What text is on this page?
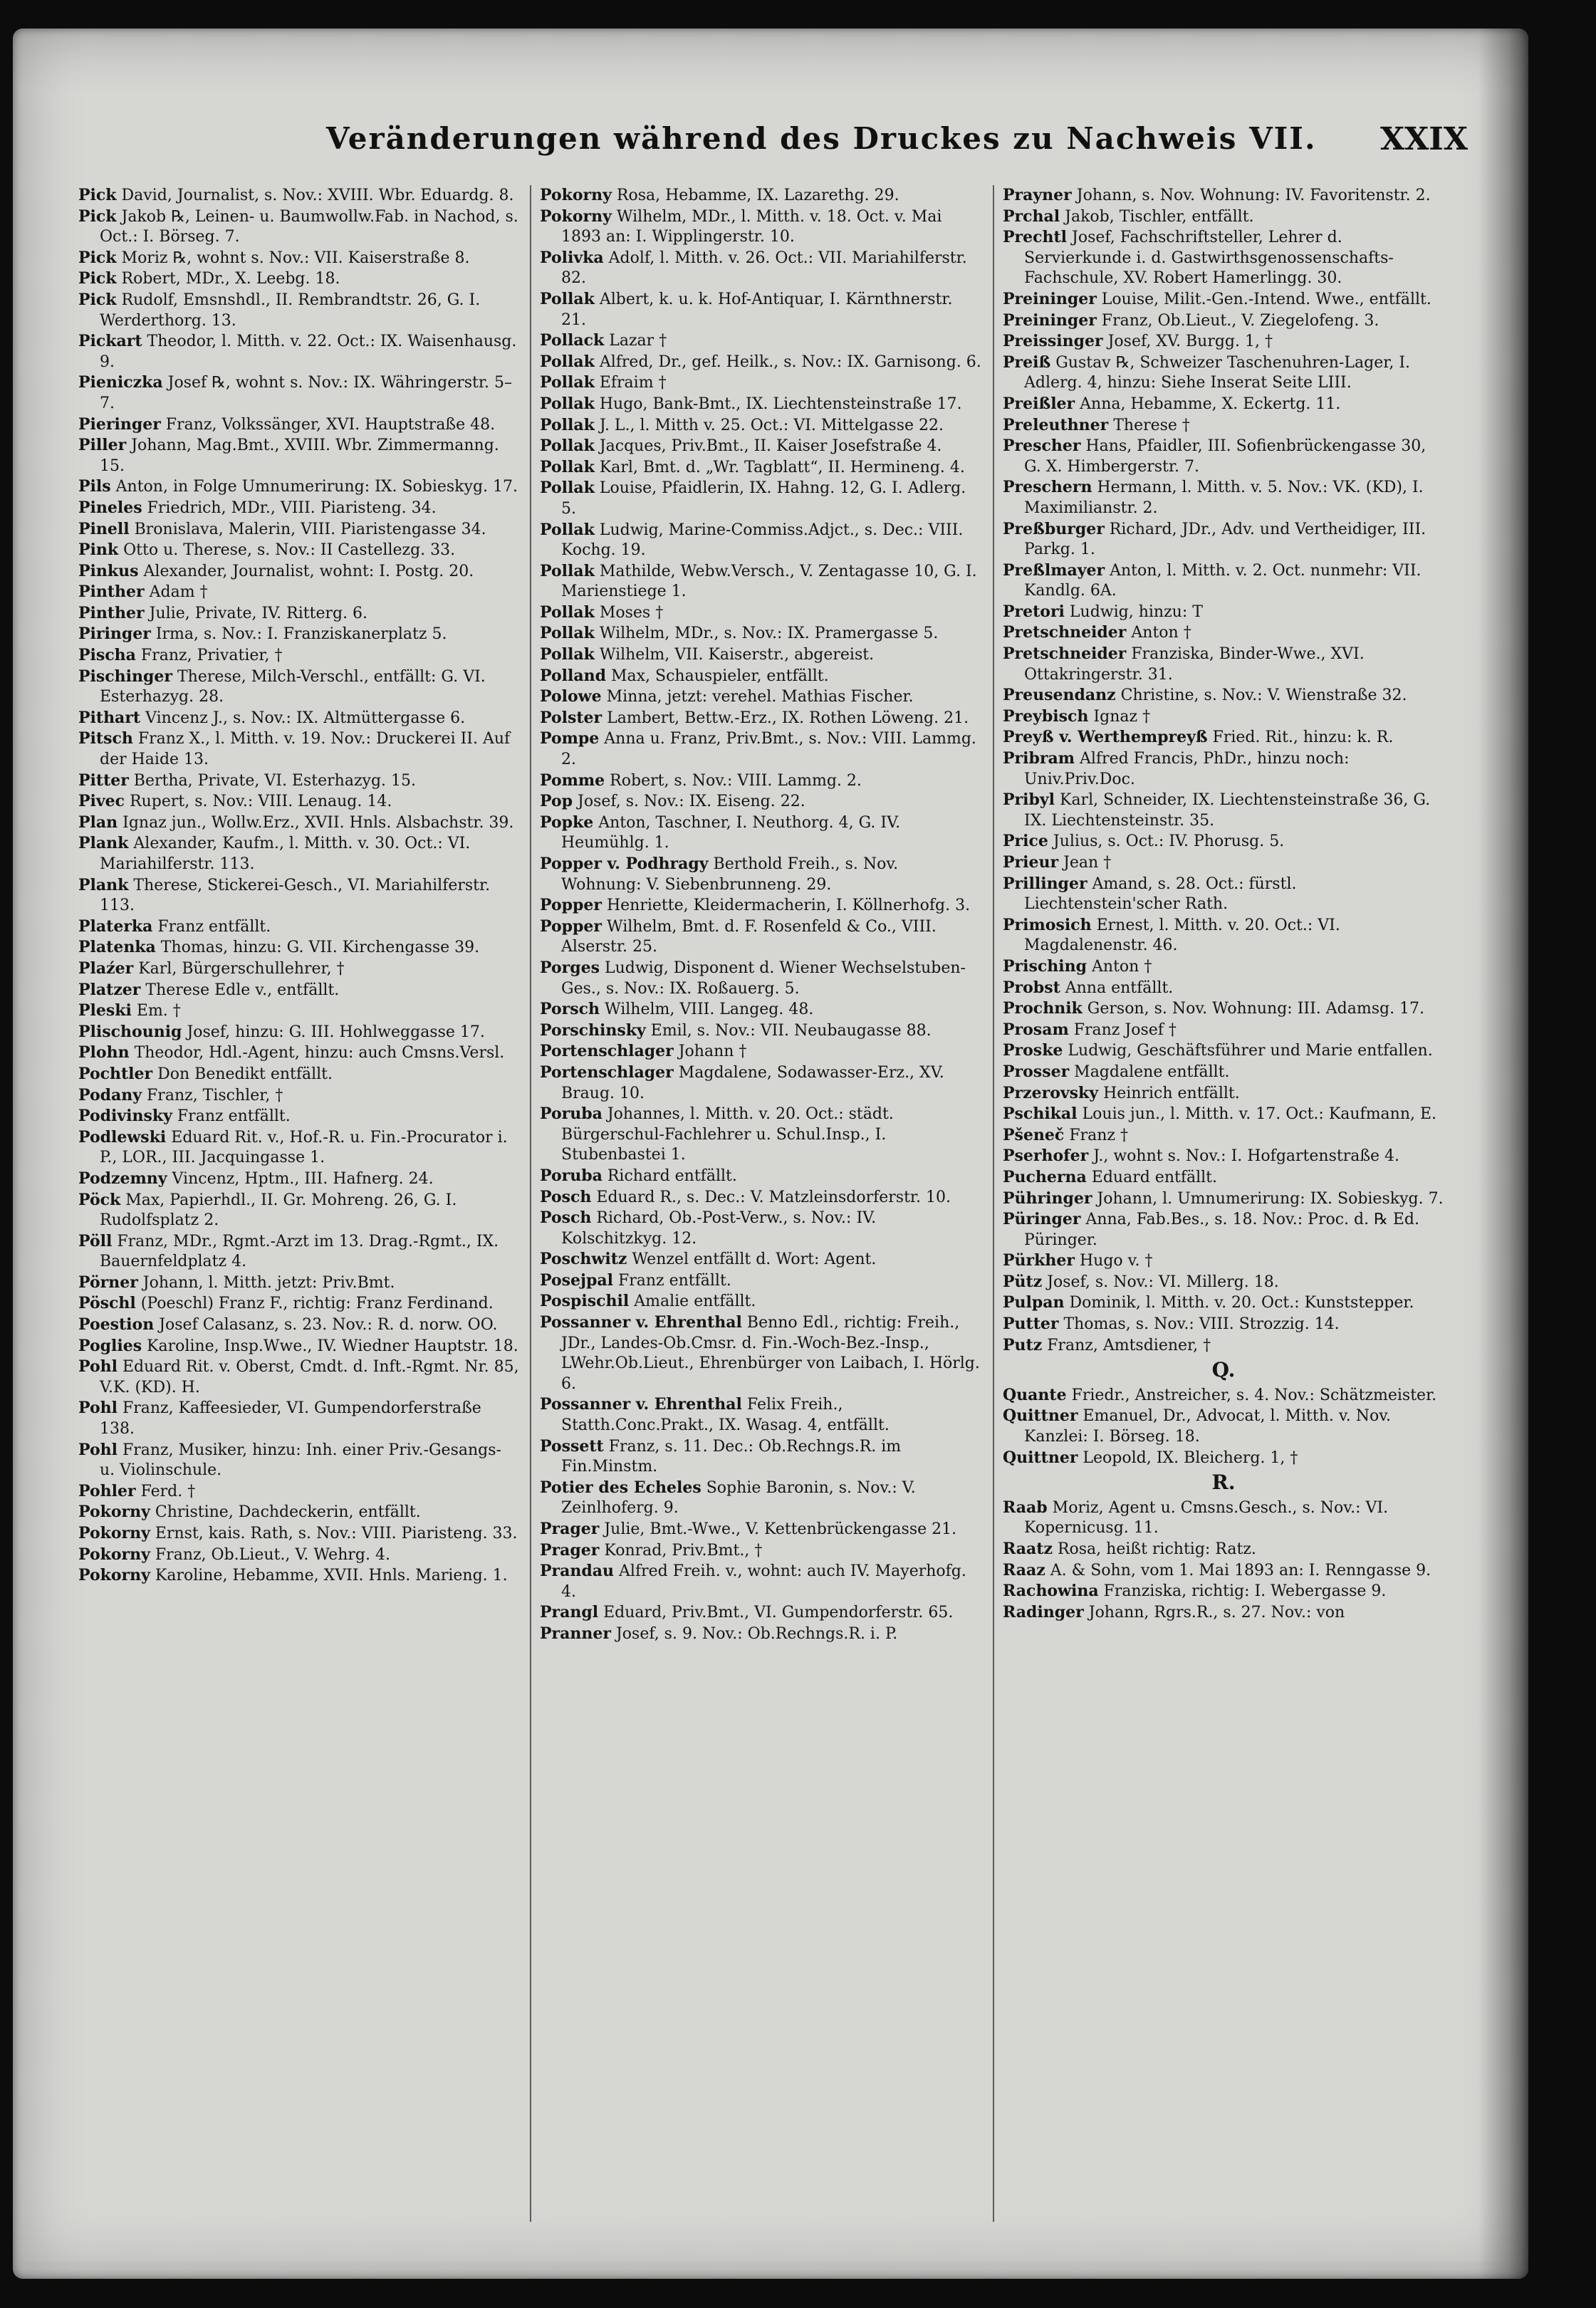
Veränderungen während des Druckes zu Nachweis VII. XXIX

Pick David, Journalist, s. Nov.: XVIII. Wbr. Eduardg. 8.

Pick Jakob ℞, Leinen- u. Baumwollw.Fab. in Nachod, s. Oct.: I. Börseg. 7.

Pick Moriz ℞, wohnt s. Nov.: VII. Kaiserstraße 8.

Pick Robert, MDr., X. Leebg. 18.

Pick Rudolf, Emsnshdl., II. Rembrandtstr. 26, G. I. Werderthorg. 13.

Pickart Theodor, l. Mitth. v. 22. Oct.: IX. Waisenhausg. 9.

Pieniczka Josef ℞, wohnt s. Nov.: IX. Währingerstr. 5–7.

Pieringer Franz, Volkssänger, XVI. Hauptstraße 48.

Piller Johann, Mag.Bmt., XVIII. Wbr. Zimmermanng. 15.

Pils Anton, in Folge Umnumerirung: IX. Sobieskyg. 17.

Pineles Friedrich, MDr., VIII. Piaristeng. 34.

Pinell Bronislava, Malerin, VIII. Piaristengasse 34.

Pink Otto u. Therese, s. Nov.: II Castellezg. 33.

Pinkus Alexander, Journalist, wohnt: I. Postg. 20.

Pinther Adam †

Pinther Julie, Private, IV. Ritterg. 6.

Piringer Irma, s. Nov.: I. Franziskanerplatz 5.

Pischa Franz, Privatier, †

Pischinger Therese, Milch-Verschl., entfällt: G. VI. Esterhazyg. 28.

Pithart Vincenz J., s. Nov.: IX. Altmüttergasse 6.

Pitsch Franz X., l. Mitth. v. 19. Nov.: Druckerei II. Auf der Haide 13.

Pitter Bertha, Private, VI. Esterhazyg. 15.

Pivec Rupert, s. Nov.: VIII. Lenaug. 14.

Plan Ignaz jun., Wollw.Erz., XVII. Hnls. Alsbachstr. 39.

Plank Alexander, Kaufm., l. Mitth. v. 30. Oct.: VI. Mariahilferstr. 113.

Plank Therese, Stickerei-Gesch., VI. Mariahilferstr. 113.

Platerka Franz entfällt.

Platenka Thomas, hinzu: G. VII. Kirchengasse 39.

Plaźer Karl, Bürgerschullehrer, †

Platzer Therese Edle v., entfällt.

Pleski Em. †

Plischounig Josef, hinzu: G. III. Hohlweggasse 17.

Plohn Theodor, Hdl.-Agent, hinzu: auch Cmsns.Versl.

Pochtler Don Benedikt entfällt.

Podany Franz, Tischler, †

Podivinsky Franz entfällt.

Podlewski Eduard Rit. v., Hof.-R. u. Fin.-Procurator i. P., LOR., III. Jacquingasse 1.

Podzemny Vincenz, Hptm., III. Hafnerg. 24.

Pöck Max, Papierhdl., II. Gr. Mohreng. 26, G. I. Rudolfsplatz 2.

Pöll Franz, MDr., Rgmt.-Arzt im 13. Drag.-Rgmt., IX. Bauernfeldplatz 4.

Pörner Johann, l. Mitth. jetzt: Priv.Bmt.

Pöschl (Poeschl) Franz F., richtig: Franz Ferdinand.

Poestion Josef Calasanz, s. 23. Nov.: R. d. norw. OO.

Poglies Karoline, Insp.Wwe., IV. Wiedner Hauptstr. 18.

Pohl Eduard Rit. v. Oberst, Cmdt. d. Inft.-Rgmt. Nr. 85, V.K. (KD). H.

Pohl Franz, Kaffeesieder, VI. Gumpendorferstraße 138.

Pohl Franz, Musiker, hinzu: Inh. einer Priv.-Gesangs- u. Violinschule.

Pohler Ferd. †

Pokorny Christine, Dachdeckerin, entfällt.

Pokorny Ernst, kais. Rath, s. Nov.: VIII. Piaristeng. 33.

Pokorny Franz, Ob.Lieut., V. Wehrg. 4.

Pokorny Karoline, Hebamme, XVII. Hnls. Marieng. 1.

Pokorny Rosa, Hebamme, IX. Lazarethg. 29.

Pokorny Wilhelm, MDr., l. Mitth. v. 18. Oct. v. Mai 1893 an: I. Wipplingerstr. 10.

Polivka Adolf, l. Mitth. v. 26. Oct.: VII. Mariahilferstr. 82.

Pollak Albert, k. u. k. Hof-Antiquar, I. Kärnthnerstr. 21.

Pollack Lazar †

Pollak Alfred, Dr., gef. Heilk., s. Nov.: IX. Garnisong. 6.

Pollak Efraim †

Pollak Hugo, Bank-Bmt., IX. Liechtensteinstraße 17.

Pollak J. L., l. Mitth v. 25. Oct.: VI. Mittelgasse 22.

Pollak Jacques, Priv.Bmt., II. Kaiser Josefstraße 4.

Pollak Karl, Bmt. d. „Wr. Tagblatt“, II. Hermineng. 4.

Pollak Louise, Pfaidlerin, IX. Hahng. 12, G. I. Adlerg. 5.

Pollak Ludwig, Marine-Commiss.Adjct., s. Dec.: VIII. Kochg. 19.

Pollak Mathilde, Webw.Versch., V. Zentagasse 10, G. I. Marienstiege 1.

Pollak Moses †

Pollak Wilhelm, MDr., s. Nov.: IX. Pramergasse 5.

Pollak Wilhelm, VII. Kaiserstr., abgereist.

Polland Max, Schauspieler, entfällt.

Polowe Minna, jetzt: verehel. Mathias Fischer.

Polster Lambert, Bettw.-Erz., IX. Rothen Löweng. 21.

Pompe Anna u. Franz, Priv.Bmt., s. Nov.: VIII. Lammg. 2.

Pomme Robert, s. Nov.: VIII. Lammg. 2.

Pop Josef, s. Nov.: IX. Eiseng. 22.

Popke Anton, Taschner, I. Neuthorg. 4, G. IV. Heumühlg. 1.

Popper v. Podhragy Berthold Freih., s. Nov. Wohnung: V. Siebenbrunneng. 29.

Popper Henriette, Kleidermacherin, I. Köllnerhofg. 3.

Popper Wilhelm, Bmt. d. F. Rosenfeld & Co., VIII. Alserstr. 25.

Porges Ludwig, Disponent d. Wiener Wechselstuben-Ges., s. Nov.: IX. Roßauerg. 5.

Porsch Wilhelm, VIII. Langeg. 48.

Porschinsky Emil, s. Nov.: VII. Neubaugasse 88.

Portenschlager Johann †

Portenschlager Magdalene, Sodawasser-Erz., XV. Braug. 10.

Poruba Johannes, l. Mitth. v. 20. Oct.: städt. Bürgerschul-Fachlehrer u. Schul.Insp., I. Stubenbastei 1.

Poruba Richard entfällt.

Posch Eduard R., s. Dec.: V. Matzleinsdorferstr. 10.

Posch Richard, Ob.-Post-Verw., s. Nov.: IV. Kolschitzkyg. 12.

Poschwitz Wenzel entfällt d. Wort: Agent.

Posejpal Franz entfällt.

Pospischil Amalie entfällt.

Possanner v. Ehrenthal Benno Edl., richtig: Freih., JDr., Landes-Ob.Cmsr. d. Fin.-Woch-Bez.-Insp., LWehr.Ob.Lieut., Ehrenbürger von Laibach, I. Hörlg. 6.

Possanner v. Ehrenthal Felix Freih., Statth.Conc.Prakt., IX. Wasag. 4, entfällt.

Possett Franz, s. 11. Dec.: Ob.Rechngs.R. im Fin.Minstm.

Potier des Echeles Sophie Baronin, s. Nov.: V. Zeinlhoferg. 9.

Prager Julie, Bmt.-Wwe., V. Kettenbrückengasse 21.

Prager Konrad, Priv.Bmt., †

Prandau Alfred Freih. v., wohnt: auch IV. Mayerhofg. 4.

Prangl Eduard, Priv.Bmt., VI. Gumpendorferstr. 65.

Pranner Josef, s. 9. Nov.: Ob.Rechngs.R. i. P.

Prayner Johann, s. Nov. Wohnung: IV. Favoritenstr. 2.

Prchal Jakob, Tischler, entfällt.

Prechtl Josef, Fachschriftsteller, Lehrer d. Servierkunde i. d. Gastwirthsgenossenschafts-Fachschule, XV. Robert Hamerlingg. 30.

Preininger Louise, Milit.-Gen.-Intend. Wwe., entfällt.

Preininger Franz, Ob.Lieut., V. Ziegelofeng. 3.

Preissinger Josef, XV. Burgg. 1, †

Preiß Gustav ℞, Schweizer Taschenuhren-Lager, I. Adlerg. 4, hinzu: Siehe Inserat Seite LIII.

Preißler Anna, Hebamme, X. Eckertg. 11.

Preleuthner Therese †

Prescher Hans, Pfaidler, III. Sofienbrückengasse 30, G. X. Himbergerstr. 7.

Preschern Hermann, l. Mitth. v. 5. Nov.: VK. (KD), I. Maximilianstr. 2.

Preßburger Richard, JDr., Adv. und Vertheidiger, III. Parkg. 1.

Preßlmayer Anton, l. Mitth. v. 2. Oct. nunmehr: VII. Kandlg. 6A.

Pretori Ludwig, hinzu: T

Pretschneider Anton †

Pretschneider Franziska, Binder-Wwe., XVI. Ottakringerstr. 31.

Preusendanz Christine, s. Nov.: V. Wienstraße 32.

Preybisch Ignaz †

Preyß v. Werthempreyß Fried. Rit., hinzu: k. R.

Pribram Alfred Francis, PhDr., hinzu noch: Univ.Priv.Doc.

Pribyl Karl, Schneider, IX. Liechtensteinstraße 36, G. IX. Liechtensteinstr. 35.

Price Julius, s. Oct.: IV. Phorusg. 5.

Prieur Jean †

Prillinger Amand, s. 28. Oct.: fürstl. Liechtenstein'scher Rath.

Primosich Ernest, l. Mitth. v. 20. Oct.: VI. Magdalenenstr. 46.

Prisching Anton †

Probst Anna entfällt.

Prochnik Gerson, s. Nov. Wohnung: III. Adamsg. 17.

Prosam Franz Josef †

Proske Ludwig, Geschäftsführer und Marie entfallen.

Prosser Magdalene entfällt.

Przerovsky Heinrich entfällt.

Pschikal Louis jun., l. Mitth. v. 17. Oct.: Kaufmann, E.

Pšeneč Franz †

Pserhofer J., wohnt s. Nov.: I. Hofgartenstraße 4.

Pucherna Eduard entfällt.

Pühringer Johann, l. Umnumerirung: IX. Sobieskyg. 7.

Püringer Anna, Fab.Bes., s. 18. Nov.: Proc. d. ℞ Ed. Püringer.

Pürkher Hugo v. †

Pütz Josef, s. Nov.: VI. Millerg. 18.

Pulpan Dominik, l. Mitth. v. 20. Oct.: Kunststepper.

Putter Thomas, s. Nov.: VIII. Strozzig. 14.

Putz Franz, Amtsdiener, †

Q.

Quante Friedr., Anstreicher, s. 4. Nov.: Schätzmeister.

Quittner Emanuel, Dr., Advocat, l. Mitth. v. Nov. Kanzlei: I. Börseg. 18.

Quittner Leopold, IX. Bleicherg. 1, †

R.

Raab Moriz, Agent u. Cmsns.Gesch., s. Nov.: VI. Kopernicusg. 11.

Raatz Rosa, heißt richtig: Ratz.

Raaz A. & Sohn, vom 1. Mai 1893 an: I. Renngasse 9.

Rachowina Franziska, richtig: I. Webergasse 9.

Radinger Johann, Rgrs.R., s. 27. Nov.: von
